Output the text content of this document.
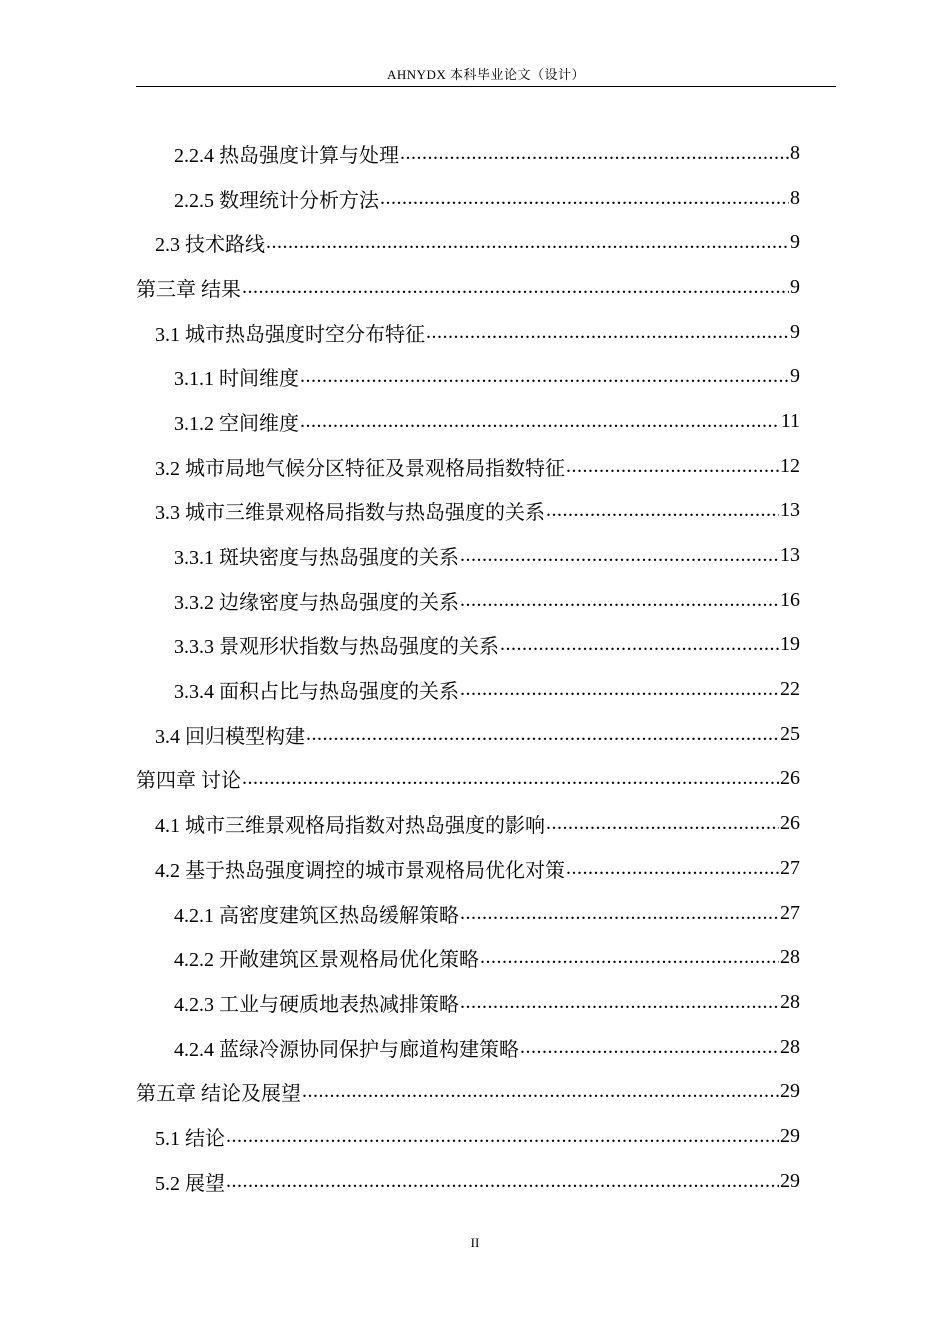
AHNYDX 本科毕业论文（设计）
2.2.4 热岛强度计算与处理 .....	8
2.2.5 数理统计分析方法 .....	8
2.3 技术路线 .....	9
第三章 结果 .....	9
3.1 城市热岛强度时空分布特征 .....	9
3.1.1 时间维度 .....	9
3.1.2 空间维度 .....	11
3.2 城市局地气候分区特征及景观格局指数特征 .....	12
3.3 城市三维景观格局指数与热岛强度的关系 .....	13
3.3.1 斑块密度与热岛强度的关系 .....	13
3.3.2 边缘密度与热岛强度的关系 .....	16
3.3.3 景观形状指数与热岛强度的关系 .....	19
3.3.4 面积占比与热岛强度的关系 .....	22
3.4 回归模型构建 .....	25
第四章 讨论 .....	26
4.1 城市三维景观格局指数对热岛强度的影响 .....	26
4.2 基于热岛强度调控的城市景观格局优化对策 .....	27
4.2.1 高密度建筑区热岛缓解策略 .....	27
4.2.2 开敞建筑区景观格局优化策略 .....	28
4.2.3 工业与硬质地表热减排策略 .....	28
4.2.4 蓝绿冷源协同保护与廊道构建策略 .....	28
第五章 结论及展望 .....	29
5.1 结论 .....	29
5.2 展望 .....	29
II
